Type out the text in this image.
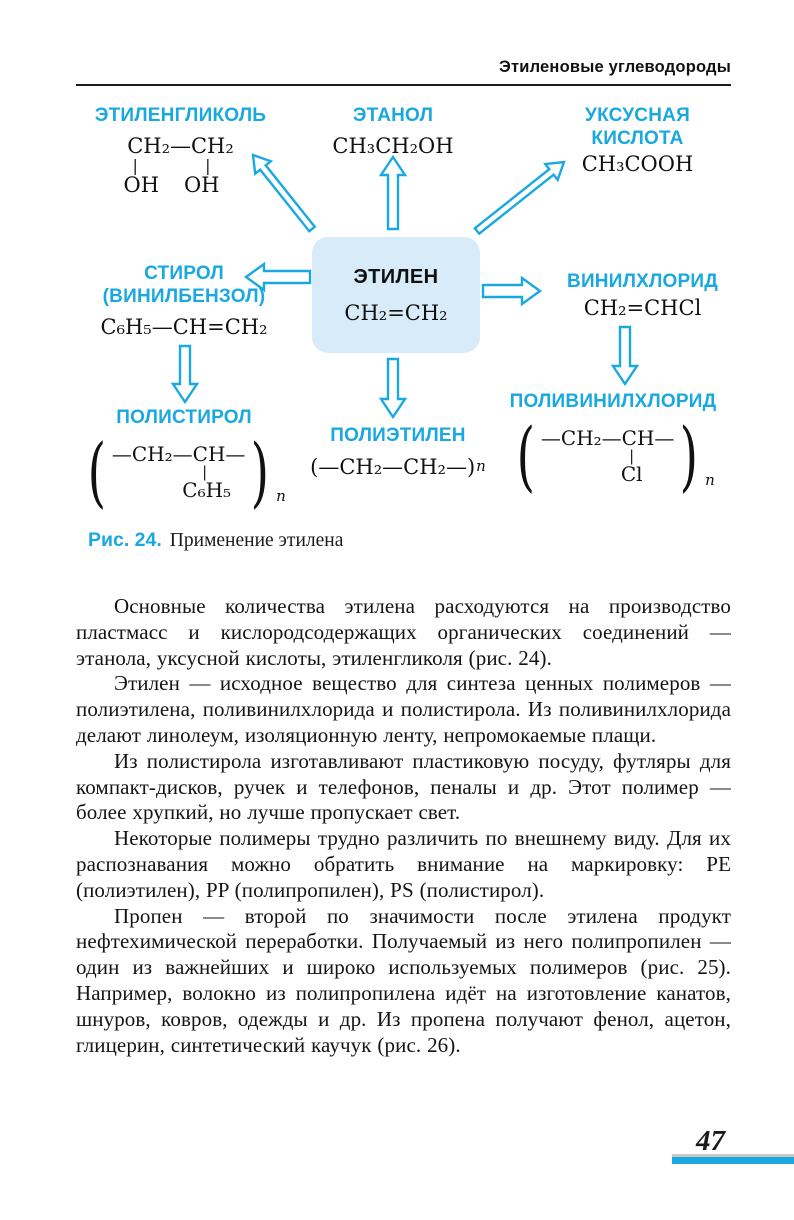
Этиленовые углеводороды
ЭТИЛЕНГЛИКОЛЬ
CH₂—CH₂
|	|
OH OH
ЭТАНОЛ
CH₃CH₂OH
УКСУСНАЯ
КИСЛОТА
CH₃COOH
СТИРОЛ
(ВИНИЛБЕНЗОЛ)
C₆H₅—CH=CH₂
ЭТИЛЕН
CH₂=CH₂
ВИНИЛХЛОРИД
CH₂=CHCl
ПОЛИСТИРОЛ
( —CH₂—CH—
|
C₆H₅ ) n
ПОЛИЭТИЛЕН
(—CH₂—CH₂—) n
ПОЛИВИНИЛХЛОРИД
( —CH₂—CH—
|
Cl ) n
Рис. 24. Применение этилена

Основные количества этилена расходуются на производство пластмасс и кислородсодержащих органических соединений — этанола, уксусной кислоты, этиленгликоля (рис. 24).

Этилен — исходное вещество для синтеза ценных полимеров — полиэтилена, поливинилхлорида и полистирола. Из поливинилхлорида делают линолеум, изоляционную ленту, непромокаемые плащи.

Из полистирола изготавливают пластиковую посуду, футляры для компакт-дисков, ручек и телефонов, пеналы и др. Этот полимер — более хрупкий, но лучше пропускает свет.

Некоторые полимеры трудно различить по внешнему виду. Для их распознавания можно обратить внимание на маркировку: PE (полиэтилен), PP (полипропилен), PS (полистирол).

Пропен — второй по значимости после этилена продукт нефтехимической переработки. Получаемый из него полипропилен — один из важнейших и широко используемых полимеров (рис. 25). Например, волокно из полипропилена идёт на изготовление канатов, шнуров, ковров, одежды и др. Из пропена получают фенол, ацетон, глицерин, синтетический каучук (рис. 26).

47
